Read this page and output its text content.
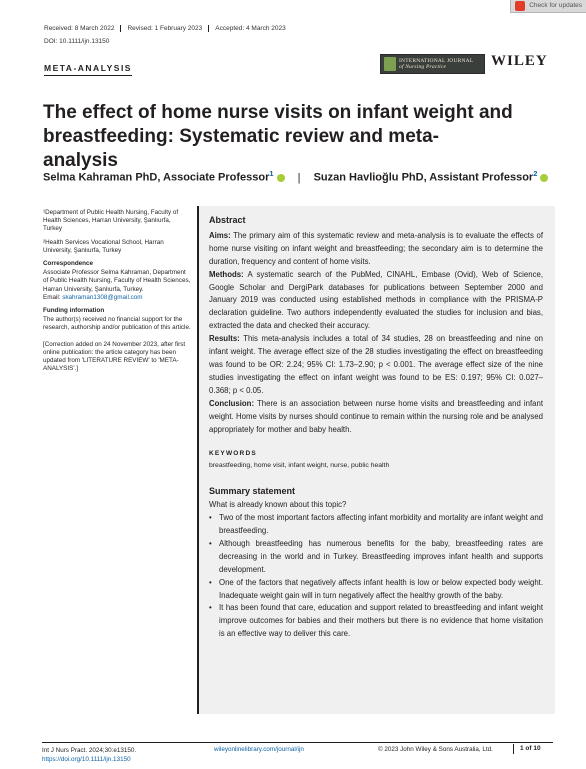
Check for updates
Received: 8 March 2022	Revised: 1 February 2023	Accepted: 4 March 2023
DOI: 10.1111/ijn.13150
META-ANALYSIS
INTERNATIONAL JOURNAL
of Nursing Practice	WILEY
The effect of home nurse visits on infant weight and breastfeeding: Systematic review and meta-analysis
Selma Kahraman PhD, Associate Professor$^1$ | Suzan Havlioğlu PhD, Assistant Professor$^2$

¹Department of Public Health Nursing, Faculty of Health Sciences, Harran University, Şanlıurfa, Turkey

²Health Services Vocational School, Harran University, Şanlıurfa, Turkey

Correspondence

Associate Professor Selma Kahraman, Department of Public Health Nursing, Faculty of Health Sciences, Harran University, Şanlıurfa, Turkey.

Email: skahraman1308@gmail.com

Funding information

The author(s) received no financial support for the research, authorship and/or publication of this article.

[Correction added on 24 November 2023, after first online publication: the article category has been updated from 'LITERATURE REVIEW' to 'META-ANALYSIS'.]

Abstract

Aims: The primary aim of this systematic review and meta-analysis is to evaluate the effects of home nurse visiting on infant weight and breastfeeding; the secondary aim is to determine the duration, frequency and content of home visits.

Methods: A systematic search of the PubMed, CINAHL, Embase (Ovid), Web of Science, Google Scholar and DergiPark databases for publications between September 2000 and January 2019 was conducted using established methods in compliance with the PRISMA-P declaration guideline. Two authors independently evaluated the studies for inclusion and bias, extracted the data and checked their accuracy.

Results: This meta-analysis includes a total of 34 studies, 28 on breastfeeding and nine on infant weight. The average effect size of the 28 studies investigating the effect on breastfeeding was found to be OR: 2.24; 95% CI: 1.73–2.90; p < 0.001. The average effect size of the nine studies investigating the effect on infant weight was found to be ES: 0.197; 95% CI: 0.027–0.368; p < 0.05.

Conclusion: There is an association between nurse home visits and breastfeeding and infant weight. Home visits by nurses should continue to remain within the nursing role and be analysed appropriately for mother and baby health.

KEYWORDS

breastfeeding, home visit, infant weight, nurse, public health

Summary statement

What is already known about this topic?

• Two of the most important factors affecting infant morbidity and mortality are infant weight and breastfeeding.
• Although breastfeeding has numerous benefits for the baby, breastfeeding rates are decreasing in the world and in Turkey. Breastfeeding improves infant health and supports development.
• One of the factors that negatively affects infant health is low or below expected body weight. Inadequate weight gain will in turn negatively affect the healthy growth of the baby.
• It has been found that care, education and support related to breastfeeding and infant weight improve outcomes for babies and their mothers but there is no evidence that home visitation is an effective way to deliver this care.
Int J Nurs Pract. 2024;30:e13150.
https://doi.org/10.1111/ijn.13150
wileyonlinelibrary.com/journal/ijn	© 2023 John Wiley & Sons Australia, Ltd.	1 of 10
